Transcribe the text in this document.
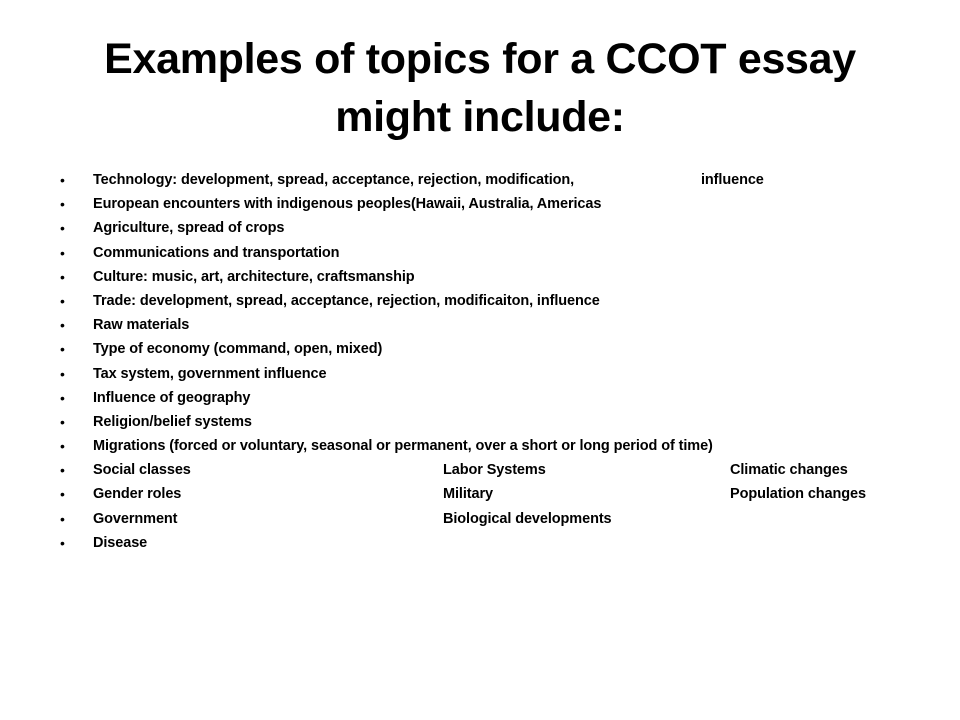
Examples of topics for a CCOT essay
might include:
• Technology: development, spread, acceptance, rejection, modification,	influence
• European encounters with indigenous peoples(Hawaii, Australia, Americas
• Agriculture, spread of crops
• Communications and transportation
• Culture: music, art, architecture, craftsmanship
• Trade: development, spread, acceptance, rejection, modificaiton, influence
• Raw materials
• Type of economy (command, open, mixed)
• Tax system, government influence
• Influence of geography
• Religion/belief systems
• Migrations (forced or voluntary, seasonal or permanent, over a short or long period of time)
• Social classes	Labor Systems	Climatic changes
• Gender roles	Military	Population changes
• Government	Biological developments
• Disease
